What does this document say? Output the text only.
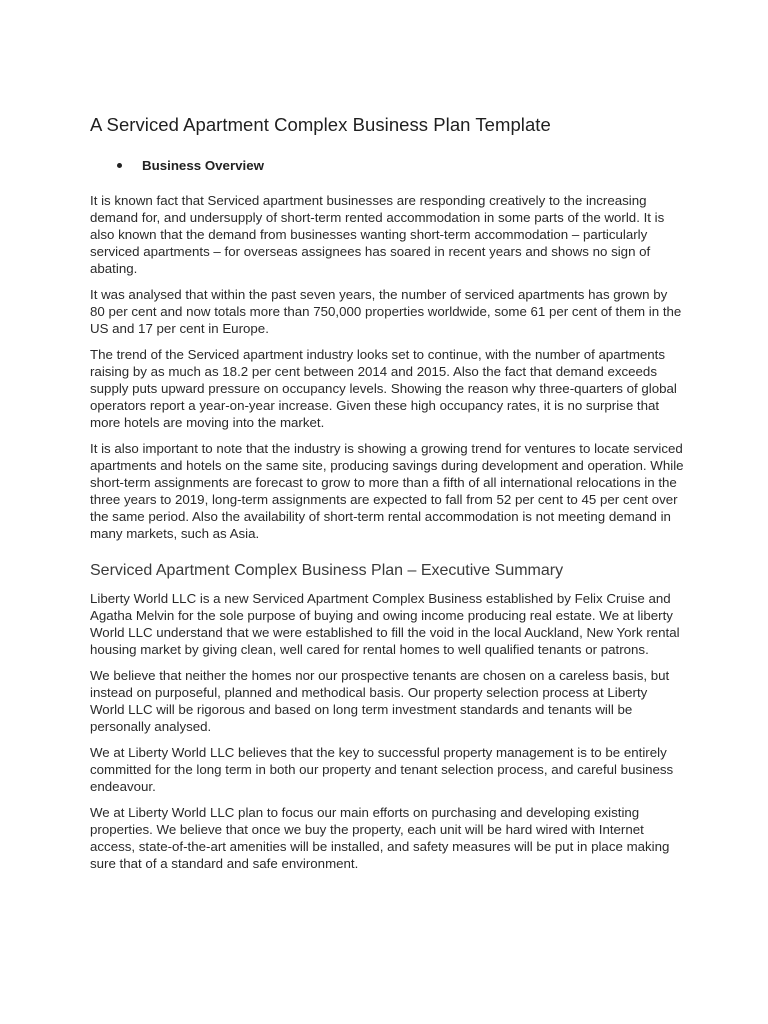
A Serviced Apartment Complex Business Plan Template
Business Overview

It is known fact that Serviced apartment businesses are responding creatively to the increasing demand for, and undersupply of short-term rented accommodation in some parts of the world. It is also known that the demand from businesses wanting short-term accommodation – particularly serviced apartments – for overseas assignees has soared in recent years and shows no sign of abating.

It was analysed that within the past seven years, the number of serviced apartments has grown by 80 per cent and now totals more than 750,000 properties worldwide, some 61 per cent of them in the US and 17 per cent in Europe.

The trend of the Serviced apartment industry looks set to continue, with the number of apartments raising by as much as 18.2 per cent between 2014 and 2015. Also the fact that demand exceeds supply puts upward pressure on occupancy levels. Showing the reason why three-quarters of global operators report a year-on-year increase. Given these high occupancy rates, it is no surprise that more hotels are moving into the market.

It is also important to note that the industry is showing a growing trend for ventures to locate serviced apartments and hotels on the same site, producing savings during development and operation. While short-term assignments are forecast to grow to more than a fifth of all international relocations in the three years to 2019, long-term assignments are expected to fall from 52 per cent to 45 per cent over the same period. Also the availability of short-term rental accommodation is not meeting demand in many markets, such as Asia.

Serviced Apartment Complex Business Plan – Executive Summary

Liberty World LLC is a new Serviced Apartment Complex Business established by Felix Cruise and Agatha Melvin for the sole purpose of buying and owing income producing real estate. We at liberty World LLC understand that we were established to fill the void in the local Auckland, New York rental housing market by giving clean, well cared for rental homes to well qualified tenants or patrons.

We believe that neither the homes nor our prospective tenants are chosen on a careless basis, but instead on purposeful, planned and methodical basis. Our property selection process at Liberty World LLC will be rigorous and based on long term investment standards and tenants will be personally analysed.

We at Liberty World LLC believes that the key to successful property management is to be entirely committed for the long term in both our property and tenant selection process, and careful business endeavour.

We at Liberty World LLC plan to focus our main efforts on purchasing and developing existing properties. We believe that once we buy the property, each unit will be hard wired with Internet access, state-of-the-art amenities will be installed, and safety measures will be put in place making sure that of a standard and safe environment.
